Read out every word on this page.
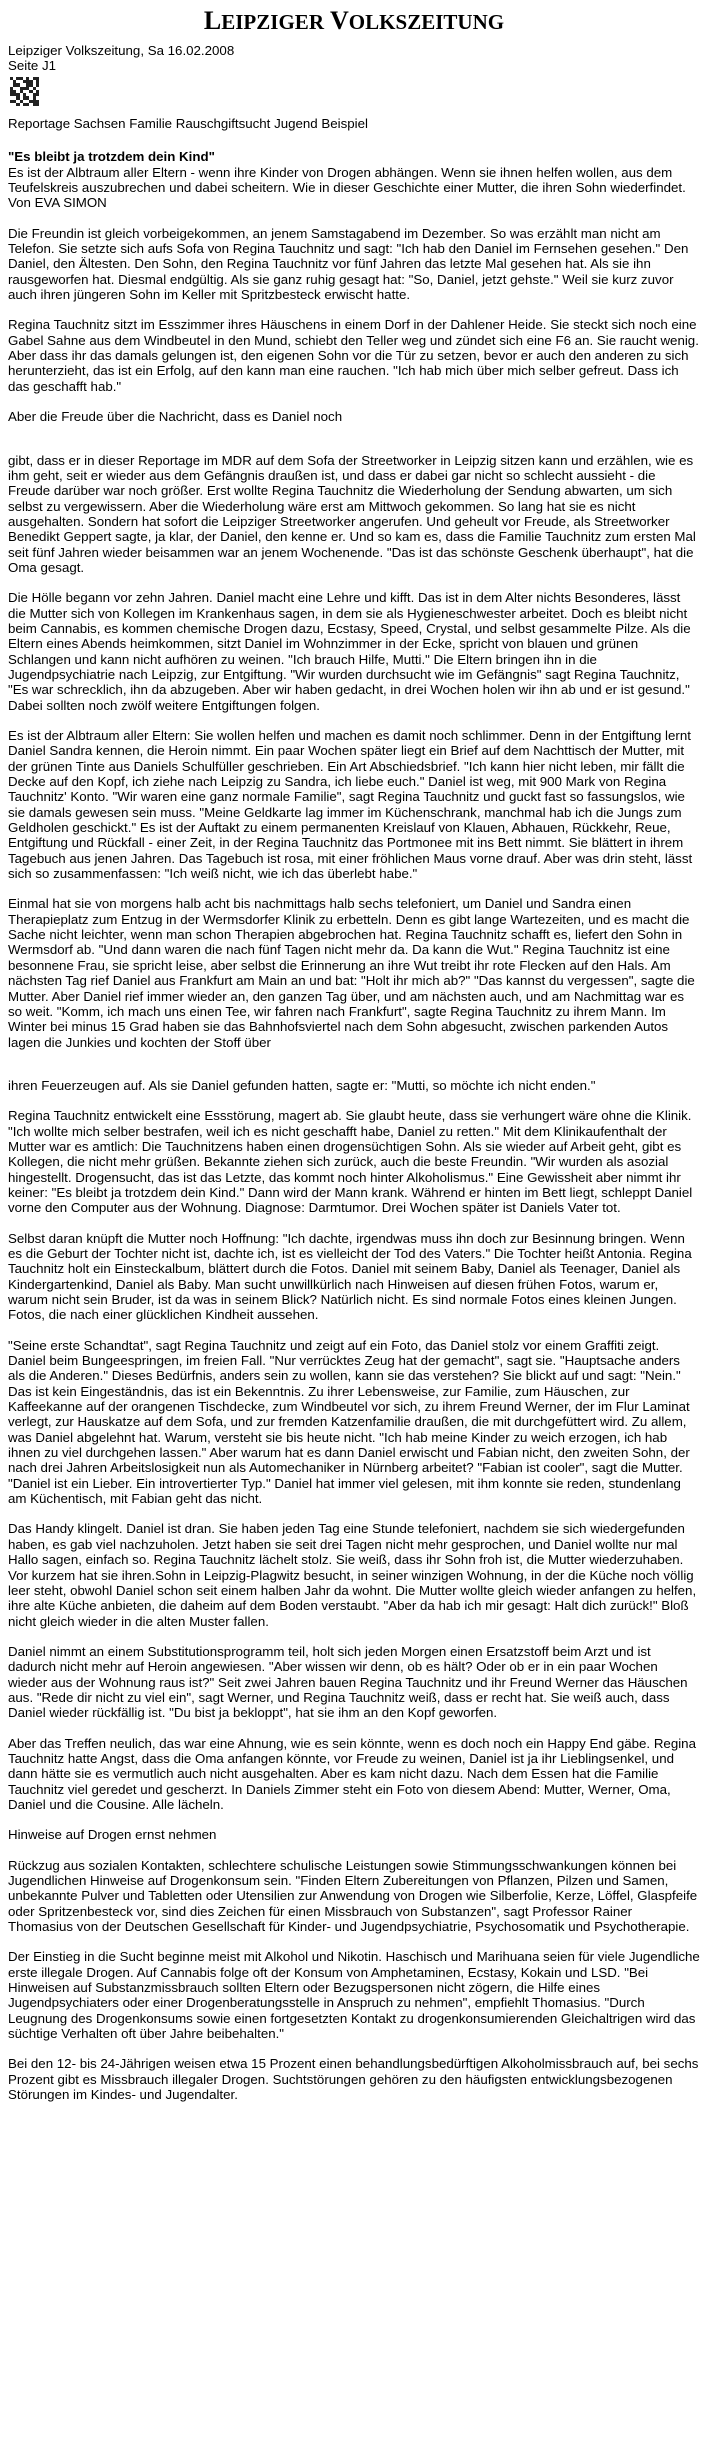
LEIPZIGER VOLKSZEITUNG
Leipziger Volkszeitung, Sa 16.02.2008
Seite J1
Reportage Sachsen Familie Rauschgiftsucht Jugend Beispiel
"Es bleibt ja trotzdem dein Kind"
Es ist der Albtraum aller Eltern - wenn ihre Kinder von Drogen abhängen. Wenn sie ihnen helfen wollen, aus dem Teufelskreis auszubrechen und dabei scheitern. Wie in dieser Geschichte einer Mutter, die ihren Sohn wiederfindet.
Von EVA SIMON

Die Freundin ist gleich vorbeigekommen, an jenem Samstagabend im Dezember. So was erzählt man nicht am Telefon. Sie setzte sich aufs Sofa von Regina Tauchnitz und sagt: "Ich hab den Daniel im Fernsehen gesehen." Den Daniel, den Ältesten. Den Sohn, den Regina Tauchnitz vor fünf Jahren das letzte Mal gesehen hat. Als sie ihn rausgeworfen hat. Diesmal endgültig. Als sie ganz ruhig gesagt hat: "So, Daniel, jetzt gehste." Weil sie kurz zuvor auch ihren jüngeren Sohn im Keller mit Spritzbesteck erwischt hatte.

Regina Tauchnitz sitzt im Esszimmer ihres Häuschens in einem Dorf in der Dahlener Heide. Sie steckt sich noch eine Gabel Sahne aus dem Windbeutel in den Mund, schiebt den Teller weg und zündet sich eine F6 an. Sie raucht wenig. Aber dass ihr das damals gelungen ist, den eigenen Sohn vor die Tür zu setzen, bevor er auch den anderen zu sich herunterzieht, das ist ein Erfolg, auf den kann man eine rauchen. "Ich hab mich über mich selber gefreut. Dass ich das geschafft hab."

Aber die Freude über die Nachricht, dass es Daniel noch

gibt, dass er in dieser Reportage im MDR auf dem Sofa der Streetworker in Leipzig sitzen kann und erzählen, wie es ihm geht, seit er wieder aus dem Gefängnis draußen ist, und dass er dabei gar nicht so schlecht aussieht - die Freude darüber war noch größer. Erst wollte Regina Tauchnitz die Wiederholung der Sendung abwarten, um sich selbst zu vergewissern. Aber die Wiederholung wäre erst am Mittwoch gekommen. So lang hat sie es nicht ausgehalten. Sondern hat sofort die Leipziger Streetworker angerufen. Und geheult vor Freude, als Streetworker Benedikt Geppert sagte, ja klar, der Daniel, den kenne er. Und so kam es, dass die Familie Tauchnitz zum ersten Mal seit fünf Jahren wieder beisammen war an jenem Wochenende. "Das ist das schönste Geschenk überhaupt", hat die Oma gesagt.

Die Hölle begann vor zehn Jahren. Daniel macht eine Lehre und kifft. Das ist in dem Alter nichts Besonderes, lässt die Mutter sich von Kollegen im Krankenhaus sagen, in dem sie als Hygieneschwester arbeitet. Doch es bleibt nicht beim Cannabis, es kommen chemische Drogen dazu, Ecstasy, Speed, Crystal, und selbst gesammelte Pilze. Als die Eltern eines Abends heimkommen, sitzt Daniel im Wohnzimmer in der Ecke, spricht von blauen und grünen Schlangen und kann nicht aufhören zu weinen. "Ich brauch Hilfe, Mutti." Die Eltern bringen ihn in die Jugendpsychiatrie nach Leipzig, zur Entgiftung. "Wir wurden durchsucht wie im Gefängnis" sagt Regina Tauchnitz, "Es war schrecklich, ihn da abzugeben. Aber wir haben gedacht, in drei Wochen holen wir ihn ab und er ist gesund." Dabei sollten noch zwölf weitere Entgiftungen folgen.

Es ist der Albtraum aller Eltern: Sie wollen helfen und machen es damit noch schlimmer. Denn in der Entgiftung lernt Daniel Sandra kennen, die Heroin nimmt. Ein paar Wochen später liegt ein Brief auf dem Nachttisch der Mutter, mit der grünen Tinte aus Daniels Schulfüller geschrieben. Ein Art Abschiedsbrief. "Ich kann hier nicht leben, mir fällt die Decke auf den Kopf, ich ziehe nach Leipzig zu Sandra, ich liebe euch." Daniel ist weg, mit 900 Mark von Regina Tauchnitz' Konto. "Wir waren eine ganz normale Familie", sagt Regina Tauchnitz und guckt fast so fassungslos, wie sie damals gewesen sein muss. "Meine Geldkarte lag immer im Küchenschrank, manchmal hab ich die Jungs zum Geldholen geschickt." Es ist der Auftakt zu einem permanenten Kreislauf von Klauen, Abhauen, Rückkehr, Reue, Entgiftung und Rückfall - einer Zeit, in der Regina Tauchnitz das Portmonee mit ins Bett nimmt. Sie blättert in ihrem Tagebuch aus jenen Jahren. Das Tagebuch ist rosa, mit einer fröhlichen Maus vorne drauf. Aber was drin steht, lässt sich so zusammenfassen: "Ich weiß nicht, wie ich das überlebt habe."

Einmal hat sie von morgens halb acht bis nachmittags halb sechs telefoniert, um Daniel und Sandra einen Therapieplatz zum Entzug in der Wermsdorfer Klinik zu erbetteln. Denn es gibt lange Wartezeiten, und es macht die Sache nicht leichter, wenn man schon Therapien abgebrochen hat. Regina Tauchnitz schafft es, liefert den Sohn in Wermsdorf ab. "Und dann waren die nach fünf Tagen nicht mehr da. Da kann die Wut." Regina Tauchnitz ist eine besonnene Frau, sie spricht leise, aber selbst die Erinnerung an ihre Wut treibt ihr rote Flecken auf den Hals. Am nächsten Tag rief Daniel aus Frankfurt am Main an und bat: "Holt ihr mich ab?" "Das kannst du vergessen", sagte die Mutter. Aber Daniel rief immer wieder an, den ganzen Tag über, und am nächsten auch, und am Nachmittag war es so weit. "Komm, ich mach uns einen Tee, wir fahren nach Frankfurt", sagte Regina Tauchnitz zu ihrem Mann. Im Winter bei minus 15 Grad haben sie das Bahnhofsviertel nach dem Sohn abgesucht, zwischen parkenden Autos lagen die Junkies und kochten der Stoff über

ihren Feuerzeugen auf. Als sie Daniel gefunden hatten, sagte er: "Mutti, so möchte ich nicht enden."

Regina Tauchnitz entwickelt eine Essstörung, magert ab. Sie glaubt heute, dass sie verhungert wäre ohne die Klinik. "Ich wollte mich selber bestrafen, weil ich es nicht geschafft habe, Daniel zu retten." Mit dem Klinikaufenthalt der Mutter war es amtlich: Die Tauchnitzens haben einen drogensüchtigen Sohn. Als sie wieder auf Arbeit geht, gibt es Kollegen, die nicht mehr grüßen. Bekannte ziehen sich zurück, auch die beste Freundin. "Wir wurden als asozial hingestellt. Drogensucht, das ist das Letzte, das kommt noch hinter Alkoholismus." Eine Gewissheit aber nimmt ihr keiner: "Es bleibt ja trotzdem dein Kind." Dann wird der Mann krank. Während er hinten im Bett liegt, schleppt Daniel vorne den Computer aus der Wohnung. Diagnose: Darmtumor. Drei Wochen später ist Daniels Vater tot.

Selbst daran knüpft die Mutter noch Hoffnung: "Ich dachte, irgendwas muss ihn doch zur Besinnung bringen. Wenn es die Geburt der Tochter nicht ist, dachte ich, ist es vielleicht der Tod des Vaters." Die Tochter heißt Antonia. Regina Tauchnitz holt ein Einsteckalbum, blättert durch die Fotos. Daniel mit seinem Baby, Daniel als Teenager, Daniel als Kindergartenkind, Daniel als Baby. Man sucht unwillkürlich nach Hinweisen auf diesen frühen Fotos, warum er, warum nicht sein Bruder, ist da was in seinem Blick? Natürlich nicht. Es sind normale Fotos eines kleinen Jungen. Fotos, die nach einer glücklichen Kindheit aussehen.

"Seine erste Schandtat", sagt Regina Tauchnitz und zeigt auf ein Foto, das Daniel stolz vor einem Graffiti zeigt. Daniel beim Bungeespringen, im freien Fall. "Nur verrücktes Zeug hat der gemacht", sagt sie. "Hauptsache anders als die Anderen." Dieses Bedürfnis, anders sein zu wollen, kann sie das verstehen? Sie blickt auf und sagt: "Nein." Das ist kein Eingeständnis, das ist ein Bekenntnis. Zu ihrer Lebensweise, zur Familie, zum Häuschen, zur Kaffeekanne auf der orangenen Tischdecke, zum Windbeutel vor sich, zu ihrem Freund Werner, der im Flur Laminat verlegt, zur Hauskatze auf dem Sofa, und zur fremden Katzenfamilie draußen, die mit durchgefüttert wird. Zu allem, was Daniel abgelehnt hat. Warum, versteht sie bis heute nicht. "Ich hab meine Kinder zu weich erzogen, ich hab ihnen zu viel durchgehen lassen." Aber warum hat es dann Daniel erwischt und Fabian nicht, den zweiten Sohn, der nach drei Jahren Arbeitslosigkeit nun als Automechaniker in Nürnberg arbeitet? "Fabian ist cooler", sagt die Mutter. "Daniel ist ein Lieber. Ein introvertierter Typ." Daniel hat immer viel gelesen, mit ihm konnte sie reden, stundenlang am Küchentisch, mit Fabian geht das nicht.

Das Handy klingelt. Daniel ist dran. Sie haben jeden Tag eine Stunde telefoniert, nachdem sie sich wiedergefunden haben, es gab viel nachzuholen. Jetzt haben sie seit drei Tagen nicht mehr gesprochen, und Daniel wollte nur mal Hallo sagen, einfach so. Regina Tauchnitz lächelt stolz. Sie weiß, dass ihr Sohn froh ist, die Mutter wiederzuhaben. Vor kurzem hat sie ihren.Sohn in Leipzig-Plagwitz besucht, in seiner winzigen Wohnung, in der die Küche noch völlig leer steht, obwohl Daniel schon seit einem halben Jahr da wohnt. Die Mutter wollte gleich wieder anfangen zu helfen, ihre alte Küche anbieten, die daheim auf dem Boden verstaubt. "Aber da hab ich mir gesagt: Halt dich zurück!" Bloß nicht gleich wieder in die alten Muster fallen.

Daniel nimmt an einem Substitutionsprogramm teil, holt sich jeden Morgen einen Ersatzstoff beim Arzt und ist dadurch nicht mehr auf Heroin angewiesen. "Aber wissen wir denn, ob es hält? Oder ob er in ein paar Wochen wieder aus der Wohnung raus ist?" Seit zwei Jahren bauen Regina Tauchnitz und ihr Freund Werner das Häuschen aus. "Rede dir nicht zu viel ein", sagt Werner, und Regina Tauchnitz weiß, dass er recht hat. Sie weiß auch, dass Daniel wieder rückfällig ist. "Du bist ja bekloppt", hat sie ihm an den Kopf geworfen.

Aber das Treffen neulich, das war eine Ahnung, wie es sein könnte, wenn es doch noch ein Happy End gäbe. Regina Tauchnitz hatte Angst, dass die Oma anfangen könnte, vor Freude zu weinen, Daniel ist ja ihr Lieblingsenkel, und dann hätte sie es vermutlich auch nicht ausgehalten. Aber es kam nicht dazu. Nach dem Essen hat die Familie Tauchnitz viel geredet und gescherzt. In Daniels Zimmer steht ein Foto von diesem Abend: Mutter, Werner, Oma, Daniel und die Cousine. Alle lächeln.

Hinweise auf Drogen ernst nehmen

Rückzug aus sozialen Kontakten, schlechtere schulische Leistungen sowie Stimmungsschwankungen können bei Jugendlichen Hinweise auf Drogenkonsum sein. "Finden Eltern Zubereitungen von Pflanzen, Pilzen und Samen, unbekannte Pulver und Tabletten oder Utensilien zur Anwendung von Drogen wie Silberfolie, Kerze, Löffel, Glaspfeife oder Spritzenbesteck vor, sind dies Zeichen für einen Missbrauch von Substanzen", sagt Professor Rainer Thomasius von der Deutschen Gesellschaft für Kinder- und Jugendpsychiatrie, Psychosomatik und Psychotherapie.

Der Einstieg in die Sucht beginne meist mit Alkohol und Nikotin. Haschisch und Marihuana seien für viele Jugendliche erste illegale Drogen. Auf Cannabis folge oft der Konsum von Amphetaminen, Ecstasy, Kokain und LSD. "Bei Hinweisen auf Substanzmissbrauch sollten Eltern oder Bezugspersonen nicht zögern, die Hilfe eines Jugendpsychiaters oder einer Drogenberatungsstelle in Anspruch zu nehmen", empfiehlt Thomasius. "Durch Leugnung des Drogenkonsums sowie einen fortgesetzten Kontakt zu drogenkonsumierenden Gleichaltrigen wird das süchtige Verhalten oft über Jahre beibehalten."

Bei den 12- bis 24-Jährigen weisen etwa 15 Prozent einen behandlungsbedürftigen Alkoholmissbrauch auf, bei sechs Prozent gibt es Missbrauch illegaler Drogen. Suchtstörungen gehören zu den häufigsten entwicklungsbezogenen Störungen im Kindes- und Jugendalter.
